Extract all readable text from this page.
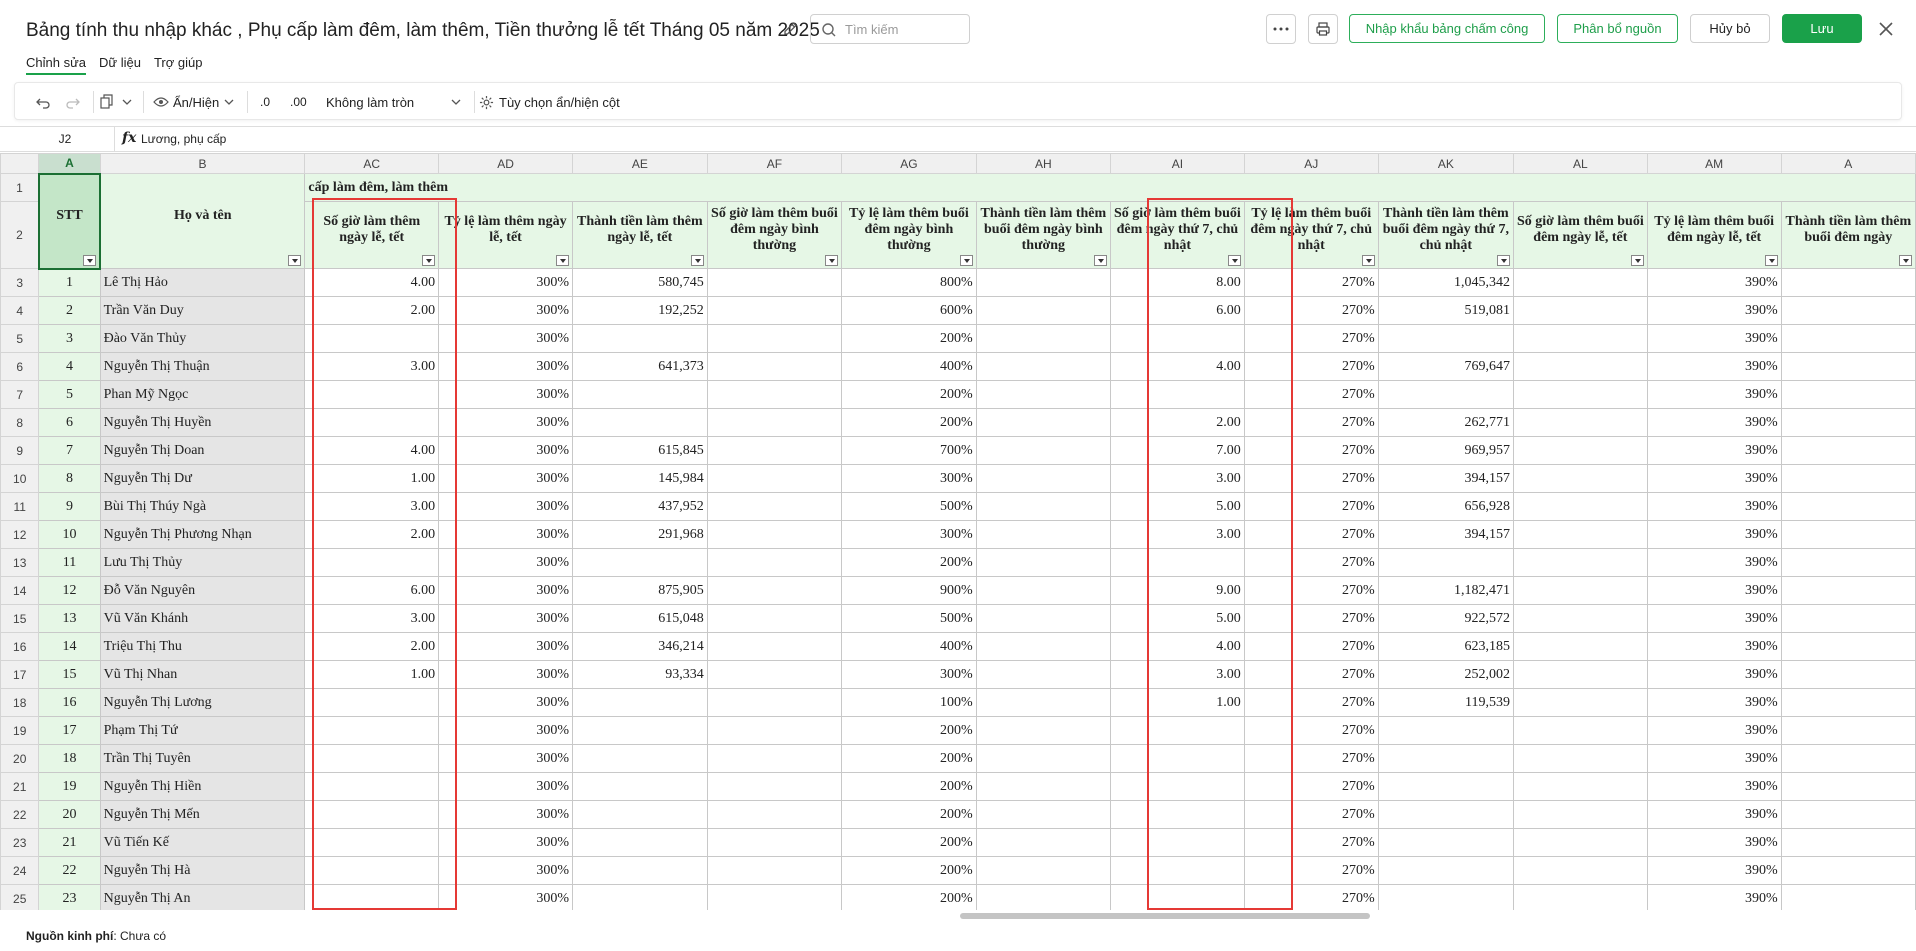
Bảng tính thu nhập khác , Phụ cấp làm đêm, làm thêm, Tiền thưởng lễ tết Tháng 05 năm 2025 Tìm kiếm	Nhập khẩu bảng chấm công	Phân bổ nguồn	Hủy bỏ	Lưu
Chỉnh sửa Dữ liệu Trợ giúp
Ẩn/Hiện	.0 .00 Không làm tròn	Tùy chọn ẩn/hiện cột
J2	fx Lương, phụ cấp
	A	B	AC	AD	AE	AF	AG	AH	AI	AJ	AK	AL	AM	A
1	STT	Họ và tên	cấp làm đêm, làm thêm											
2			Số giờ làm thêm ngày lễ, tết	Tỷ lệ làm thêm ngày lễ, tết	Thành tiền làm thêm ngày lễ, tết	Số giờ làm thêm buổi đêm ngày bình thường	Tỷ lệ làm thêm buổi đêm ngày bình thường	Thành tiền làm thêm buổi đêm ngày bình thường	Số giờ làm thêm buổi đêm ngày thứ 7, chủ nhật	Tỷ lệ làm thêm buổi đêm ngày thứ 7, chủ nhật	Thành tiền làm thêm buổi đêm ngày thứ 7, chủ nhật	Số giờ làm thêm buổi đêm ngày lễ, tết	Tỷ lệ làm thêm buổi đêm ngày lễ, tết	Thành tiền làm thêm buổi đêm ngày

3	1	Lê Thị Hảo	4.00	300%	580,745		800%		8.00	270%	1,045,342		390%	
4	2	Trần Văn Duy	2.00	300%	192,252		600%		6.00	270%	519,081		390%	
5	3	Đào Văn Thủy		300%			200%			270%			390%	
6	4	Nguyễn Thị Thuận	3.00	300%	641,373		400%		4.00	270%	769,647		390%	
7	5	Phan Mỹ Ngọc		300%			200%			270%			390%	
8	6	Nguyễn Thị Huyền		300%			200%		2.00	270%	262,771		390%	
9	7	Nguyễn Thị Doan	4.00	300%	615,845		700%		7.00	270%	969,957		390%	
10	8	Nguyễn Thị Dư	1.00	300%	145,984		300%		3.00	270%	394,157		390%	
11	9	Bùi Thị Thúy Ngà	3.00	300%	437,952		500%		5.00	270%	656,928		390%	
12	10	Nguyễn Thị Phương Nhạn	2.00	300%	291,968		300%		3.00	270%	394,157		390%	
13	11	Lưu Thị Thủy		300%			200%			270%			390%	
14	12	Đỗ Văn Nguyên	6.00	300%	875,905		900%		9.00	270%	1,182,471		390%	
15	13	Vũ Văn Khánh	3.00	300%	615,048		500%		5.00	270%	922,572		390%	
16	14	Triệu Thị Thu	2.00	300%	346,214		400%		4.00	270%	623,185		390%	
17	15	Vũ Thị Nhan	1.00	300%	93,334		300%		3.00	270%	252,002		390%	
18	16	Nguyễn Thị Lương		300%			100%		1.00	270%	119,539		390%	
19	17	Phạm Thị Tứ		300%			200%			270%			390%	
20	18	Trần Thị Tuyên		300%			200%			270%			390%	
21	19	Nguyễn Thị Hiền		300%			200%			270%			390%	
22	20	Nguyễn Thị Mến		300%			200%			270%			390%	
23	21	Vũ Tiến Kế		300%			200%			270%			390%	
24	22	Nguyễn Thị Hà		300%			200%			270%			390%	
25	23	Nguyễn Thị An		300%			200%			270%			390%	
Nguồn kinh phí: Chưa có
